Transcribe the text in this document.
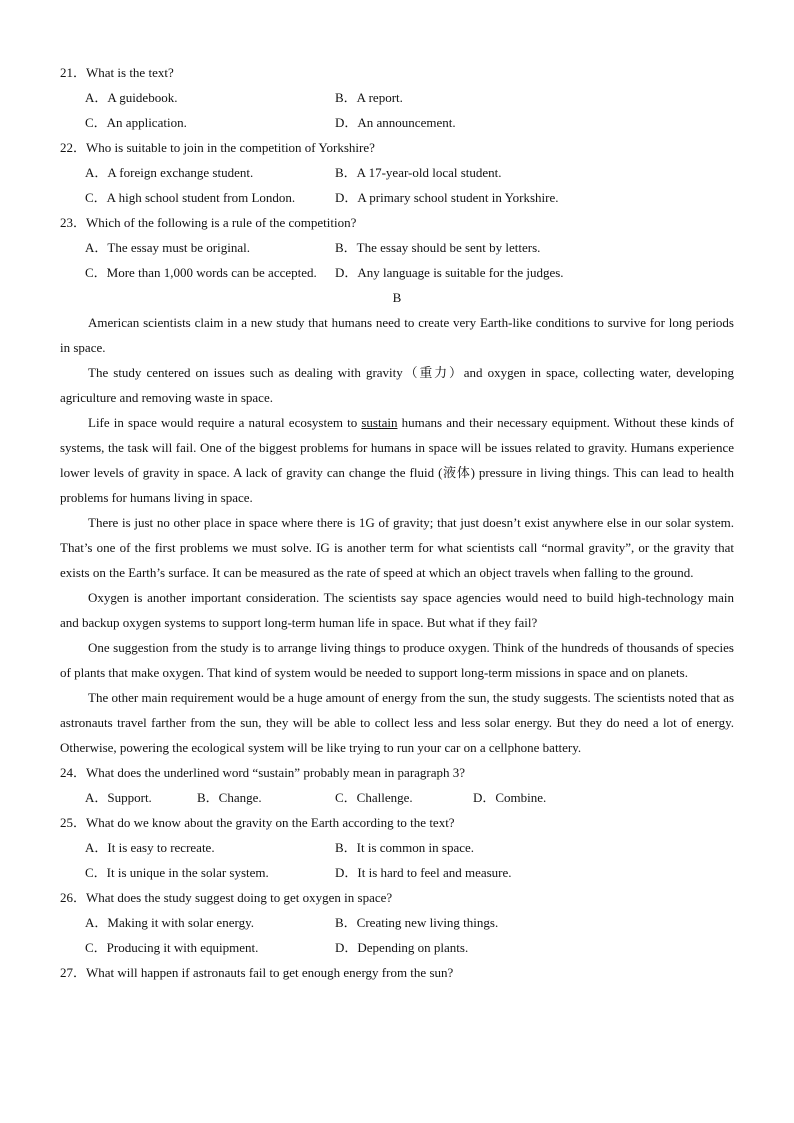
21．What is the text?

A．A guidebook.	B．A report.
C．An application.	D．An announcement.

22．Who is suitable to join in the competition of Yorkshire?

A．A foreign exchange student.	B．A 17-year-old local student.
C．A high school student from London.	D．A primary school student in Yorkshire.

23．Which of the following is a rule of the competition?

A．The essay must be original.	B．The essay should be sent by letters.
C．More than 1,000 words can be accepted. D．Any language is suitable for the judges.

B

American scientists claim in a new study that humans need to create very Earth-like conditions to survive for long periods in space.

The study centered on issues such as dealing with gravity（重力）and oxygen in space, collecting water, developing agriculture and removing waste in space.

Life in space would require a natural ecosystem to sustain humans and their necessary equipment. Without these kinds of systems, the task will fail. One of the biggest problems for humans in space will be issues related to gravity. Humans experience lower levels of gravity in space. A lack of gravity can change the fluid (液体) pressure in living things. This can lead to health problems for humans living in space.

There is just no other place in space where there is 1G of gravity; that just doesn’t exist anywhere else in our solar system. That’s one of the first problems we must solve. IG is another term for what scientists call “normal gravity”, or the gravity that exists on the Earth’s surface. It can be measured as the rate of speed at which an object travels when falling to the ground.

Oxygen is another important consideration. The scientists say space agencies would need to build high-technology main and backup oxygen systems to support long-term human life in space. But what if they fail?

One suggestion from the study is to arrange living things to produce oxygen. Think of the hundreds of thousands of species of plants that make oxygen. That kind of system would be needed to support long-term missions in space and on planets.

The other main requirement would be a huge amount of energy from the sun, the study suggests. The scientists noted that as astronauts travel farther from the sun, they will be able to collect less and less solar energy. But they do need a lot of energy. Otherwise, powering the ecological system will be like trying to run your car on a cellphone battery.

24．What does the underlined word “sustain” probably mean in paragraph 3?

A．Support.	B．Change.	C．Challenge.	D．Combine.

25．What do we know about the gravity on the Earth according to the text?

A．It is easy to recreate.	B．It is common in space.
C．It is unique in the solar system.	D．It is hard to feel and measure.

26．What does the study suggest doing to get oxygen in space?

A．Making it with solar energy.	B．Creating new living things.
C．Producing it with equipment.	D．Depending on plants.

27．What will happen if astronauts fail to get enough energy from the sun?
